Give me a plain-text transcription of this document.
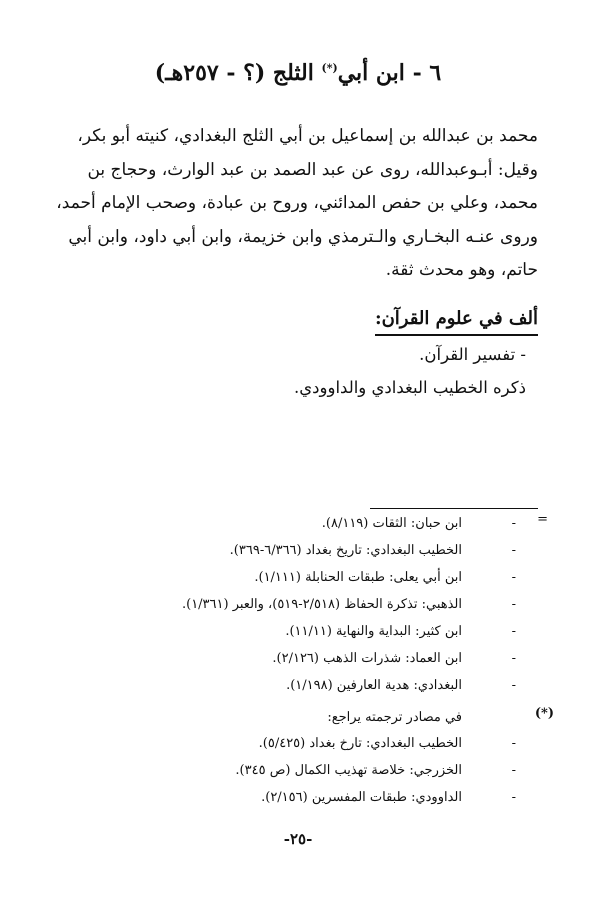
٦ - ابن أبي(*) الثلج (؟ - ٢٥٧هـ)
محمد بن عبدالله بن إسماعيل بن أبي الثلج البغدادي، كنيته أبو بكر،
وقيل: أبـوعبدالله، روى عن عبد الصمد بن عبد الوارث، وحجاج بن
محمد، وعلي بن حفص المدائني، وروح بن عبادة، وصحب الإمام أحمد،
وروى عنـه البخـاري والـترمذي وابن خزيمة، وابن أبي داود، وابن أبي
حاتم، وهو محدث ثقة.
ألف في علوم القرآن:
- تفسير القرآن.
ذكره الخطيب البغدادي والداوودي.
=
-
ابن حبان: الثقات (٨/١١٩).
-
الخطيب البغدادي: تاريخ بغداد (٦/٣٦٦-٣٦٩).
-
ابن أبي يعلى: طبقات الحنابلة (١/١١١).
-
الذهبي: تذكرة الحفاظ (٢/٥١٨-٥١٩)، والعبر (١/٣٦١).
-
ابن كثير: البداية والنهاية (١١/١١).
-
ابن العماد: شذرات الذهب (٢/١٢٦).
-
البغدادي: هدية العارفين (١/١٩٨).
(*)
في مصادر ترجمته يراجع:
-
الخطيب البغدادي: تارخ بغداد (٥/٤٢٥).
-
الخزرجي: خلاصة تهذيب الكمال (ص ٣٤٥).
-
الداوودي: طبقات المفسرين (٢/١٥٦).
-٢٥-
